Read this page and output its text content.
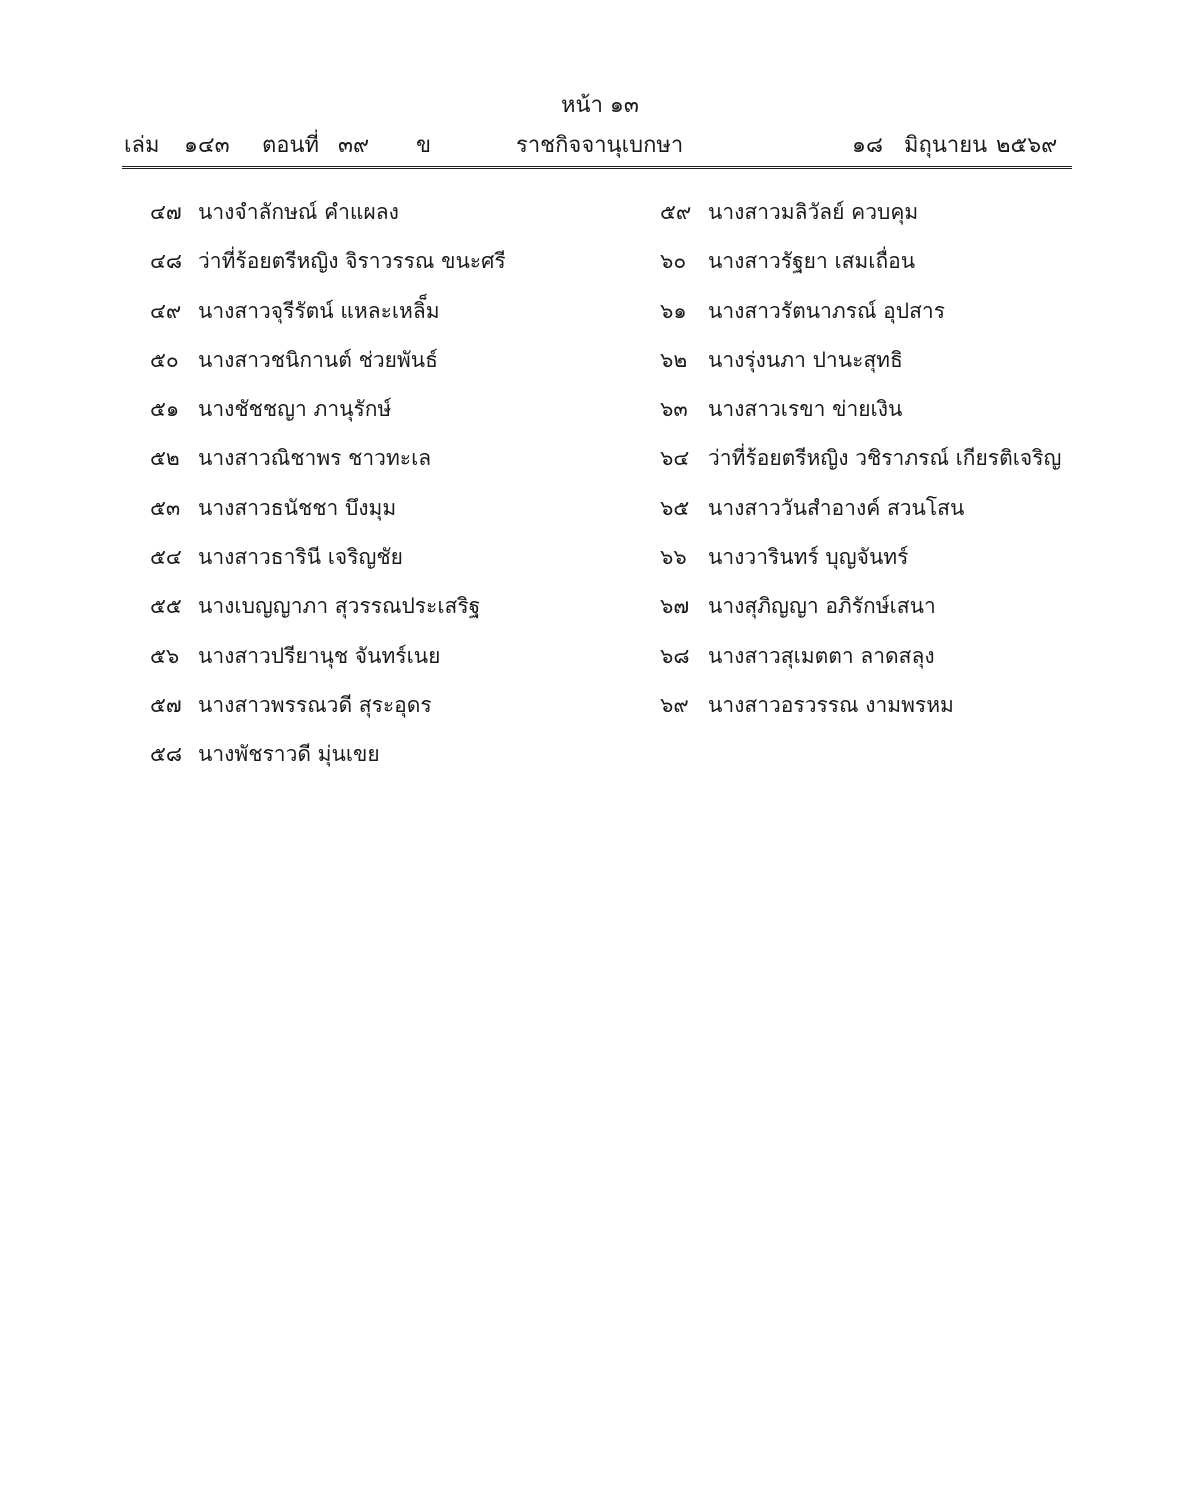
หน้า ๑๓
เล่ม ๑๔๓ ตอนที่ ๓๙ ข	ราชกิจจานุเบกษา	๑๘ มิถุนายน ๒๕๖๙
๔๗ นางจำลักษณ์ คำแผลง
๔๘ ว่าที่ร้อยตรีหญิง จิราวรรณ ขนะศรี
๔๙ นางสาวจุรีรัตน์ แหละเหลิ็ม
๕๐ นางสาวชนิกานต์ ช่วยพันธ์
๕๑ นางชัชชญา ภานุรักษ์
๕๒ นางสาวณิชาพร ชาวทะเล
๕๓ นางสาวธนัชชา บึงมุม
๕๔ นางสาวธารินี เจริญชัย
๕๕ นางเบญญาภา สุวรรณประเสริฐ
๕๖ นางสาวปรียานุช จันทร์เนย
๕๗ นางสาวพรรณวดี สุระอุดร
๕๘ นางพัชราวดี มุ่นเขย
๕๙ นางสาวมลิวัลย์ ควบคุม
๖๐	นางสาวรัฐยา เสมเถื่อน
๖๑	นางสาวรัตนาภรณ์ อุปสาร
๖๒ นางรุ่งนภา ปานะสุทธิ
๖๓ นางสาวเรขา ข่ายเงิน
๖๔ ว่าที่ร้อยตรีหญิง วชิราภรณ์ เกียรติเจริญ
๖๕ นางสาววันสำอางค์ สวนโสน
๖๖	นางวารินทร์ บุญจันทร์
๖๗ นางสุภิญญา อภิรักษ์เสนา
๖๘ นางสาวสุเมตตา ลาดสลุง
๖๙ นางสาวอรวรรณ งามพรหม
